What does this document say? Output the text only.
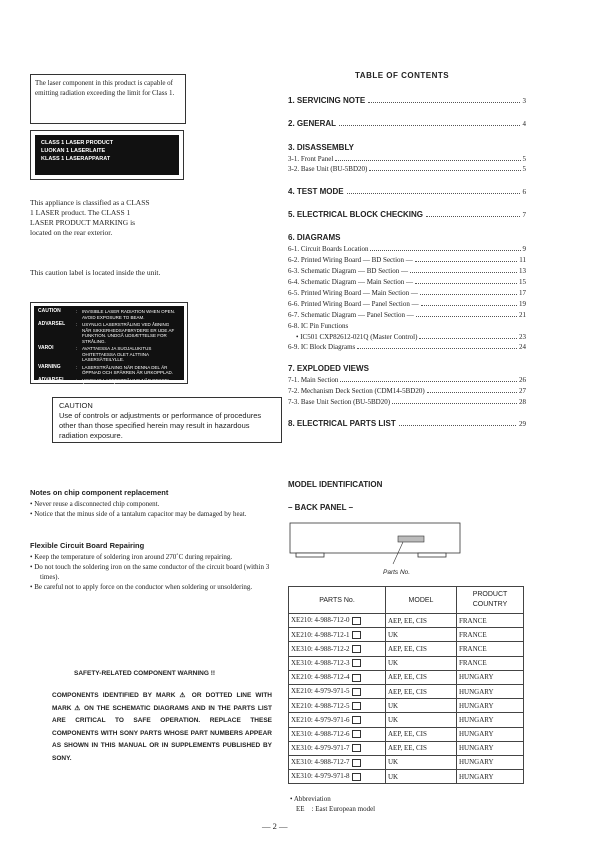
The laser component in this product is capable of emitting radiation exceeding the limit for Class 1.
CLASS 1 LASER PRODUCT
LUOKAN 1 LASERLAITE
KLASS 1 LASERAPPARAT
This appliance is classified as a CLASS 1 LASER product. The CLASS 1 LASER PRODUCT MARKING is located on the rear exterior.
This caution label is located inside the unit.
CAUTION	:	INVISIBLE LASER RADIATION WHEN OPEN. AVOID EXPOSURE TO BEAM.
ADVARSEL	:	USYNLIG LASERSTRÅLING VED ÅBNING NÅR SIKKERHEDSAFBRYDERE ER UDE AF FUNKTION. UNDGÅ UDSÆTTELSE FOR STRÅLING.
VAROI	:	AVATTAESSA JA SUOJALUKITUS OHITETTAESSA OLET ALTTIINA LASERSÄTEILYLLE.
VARNING	:	LASERSTRÅLNING NÄR DENNA DEL ÄR ÖPPNAD OCH SPÄRREN ÄR URKOPPLAD.
ADVARSEL	:	USYNLIG LASERSTRÅLING NÅR DEKSEL ÅPNES. UNNGÅ EKSPONERING FOR STRÅLEN.
CAUTION
Use of controls or adjustments or performance of procedures other than those specified herein may result in hazardous radiation exposure.
TABLE OF CONTENTS
1. SERVICING NOTE	3
2. GENERAL	4
3. DISASSEMBLY
3-1. Front Panel	5
3-2. Base Unit (BU-5BD20)	5
4. TEST MODE	6
5. ELECTRICAL BLOCK CHECKING	7
6. DIAGRAMS
6-1. Circuit Boards Location	9
6-2. Printed Wiring Board — BD Section —	11
6-3. Schematic Diagram — BD Section —	13
6-4. Schematic Diagram — Main Section —	15
6-5. Printed Wiring Board — Main Section —	17
6-6. Printed Wiring Board — Panel Section —	19
6-7. Schematic Diagram — Panel Section —	21
6-8. IC Pin Functions
• IC501 CXP82612-021Q (Master Control)	23
6-9. IC Block Diagrams	24
7. EXPLODED VIEWS
7-1. Main Section	26
7-2. Mechanism Deck Section (CDM14-5BD20)	27
7-3. Base Unit Section (BU-5BD20)	28
8. ELECTRICAL PARTS LIST	29
Notes on chip component replacement
• Never reuse a disconnected chip component.
• Notice that the minus side of a tantalum capacitor may be damaged by heat.
Flexible Circuit Board Repairing
• Keep the temperature of soldering iron around 270˚C during repairing.
• Do not touch the soldering iron on the same conductor of the circuit board (within 3 times).
• Be careful not to apply force on the conductor when soldering or unsoldering.
SAFETY-RELATED COMPONENT WARNING !!
COMPONENTS IDENTIFIED BY MARK ⚠ OR DOTTED LINE WITH MARK ⚠ ON THE SCHEMATIC DIAGRAMS AND IN THE PARTS LIST ARE CRITICAL TO SAFE OPERATION. REPLACE THESE COMPONENTS WITH SONY PARTS WHOSE PART NUMBERS APPEAR AS SHOWN IN THIS MANUAL OR IN SUPPLEMENTS PUBLISHED BY SONY.
MODEL IDENTIFICATION
– BACK PANEL –
Parts No.
PARTS No.	MODEL	PRODUCT COUNTRY
XE210: 4-988-712-0	AEP, EE, CIS	FRANCE
XE210: 4-988-712-1	UK	FRANCE
XE310: 4-988-712-2	AEP, EE, CIS	FRANCE
XE310: 4-988-712-3	UK	FRANCE
XE210: 4-988-712-4	AEP, EE, CIS	HUNGARY
XE210: 4-979-971-5	AEP, EE, CIS	HUNGARY
XE210: 4-988-712-5	UK	HUNGARY
XE210: 4-979-971-6	UK	HUNGARY
XE310: 4-988-712-6	AEP, EE, CIS	HUNGARY
XE310: 4-979-971-7	AEP, EE, CIS	HUNGARY
XE310: 4-988-712-7	UK	HUNGARY
XE310: 4-979-971-8	UK	HUNGARY
• Abbreviation
EE    : East European model
— 2 —
